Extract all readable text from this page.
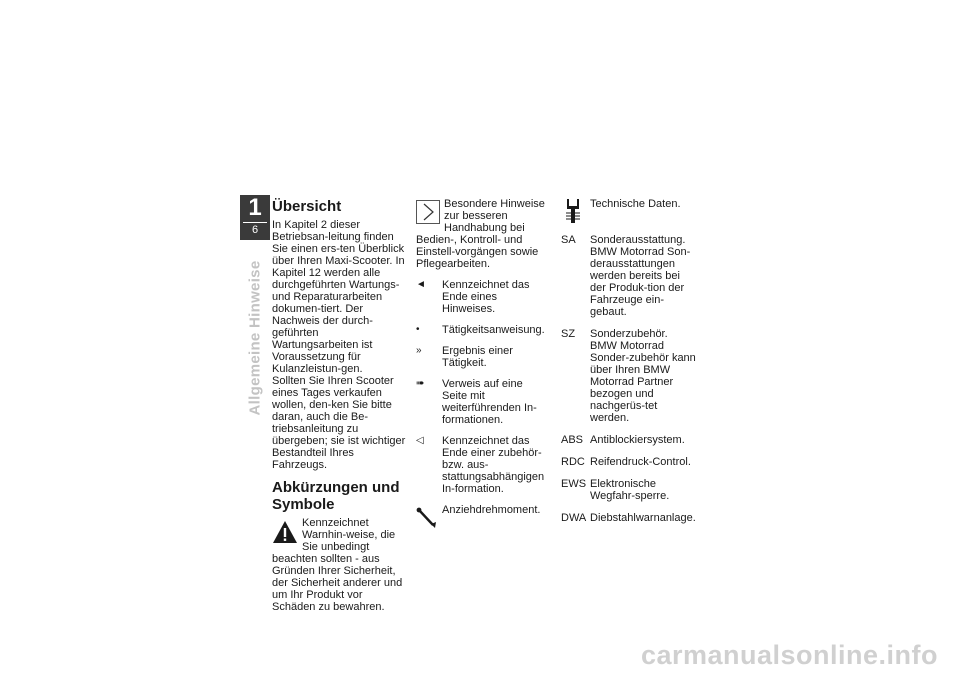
1
6
Allgemeine Hinweise
Übersicht

In Kapitel 2 dieser Betriebsan-leitung finden Sie einen ers-ten Überblick über Ihren Maxi-Scooter. In Kapitel 12 werden alle durchgeführten Wartungs- und Reparaturarbeiten dokumen-tiert. Der Nachweis der durch-geführten Wartungsarbeiten ist Voraussetzung für Kulanzleistun-gen.

Sollten Sie Ihren Scooter eines Tages verkaufen wollen, den-ken Sie bitte daran, auch die Be-triebsanleitung zu übergeben; sie ist wichtiger Bestandteil Ihres Fahrzeugs.

Abkürzungen und Symbole
Kennzeichnet Warnhin-weise, die Sie unbedingt beachten sollten - aus Gründen Ihrer Sicherheit, der Sicherheit anderer und um Ihr Produkt vor Schäden zu bewahren.
Besondere Hinweise zur besseren Handhabung bei Bedien-, Kontroll- und Einstell-vorgängen sowie Pflegearbeiten.
◄	Kennzeichnet das Ende eines Hinweises.
•	Tätigkeitsanweisung.
»	Ergebnis einer Tätigkeit.
➠	Verweis auf eine Seite mit weiterführenden In-formationen.
◁	Kennzeichnet das Ende einer zubehör- bzw. aus-stattungsabhängigen In-formation.
Anziehdrehmoment.
Technische Daten.
SA Sonderausstattung. BMW Motorrad Son-derausstattungen werden bereits bei der Produk-tion der Fahrzeuge ein-gebaut.
SZ Sonderzubehör. BMW Motorrad Sonder-zubehör kann über Ihren BMW Motorrad Partner bezogen und nachgerüs-tet werden.
ABS Antiblockiersystem.
RDC Reifendruck-Control.
EWS Elektronische Wegfahr-sperre.
DWA Diebstahlwarnanlage.
carmanualsonline.info
